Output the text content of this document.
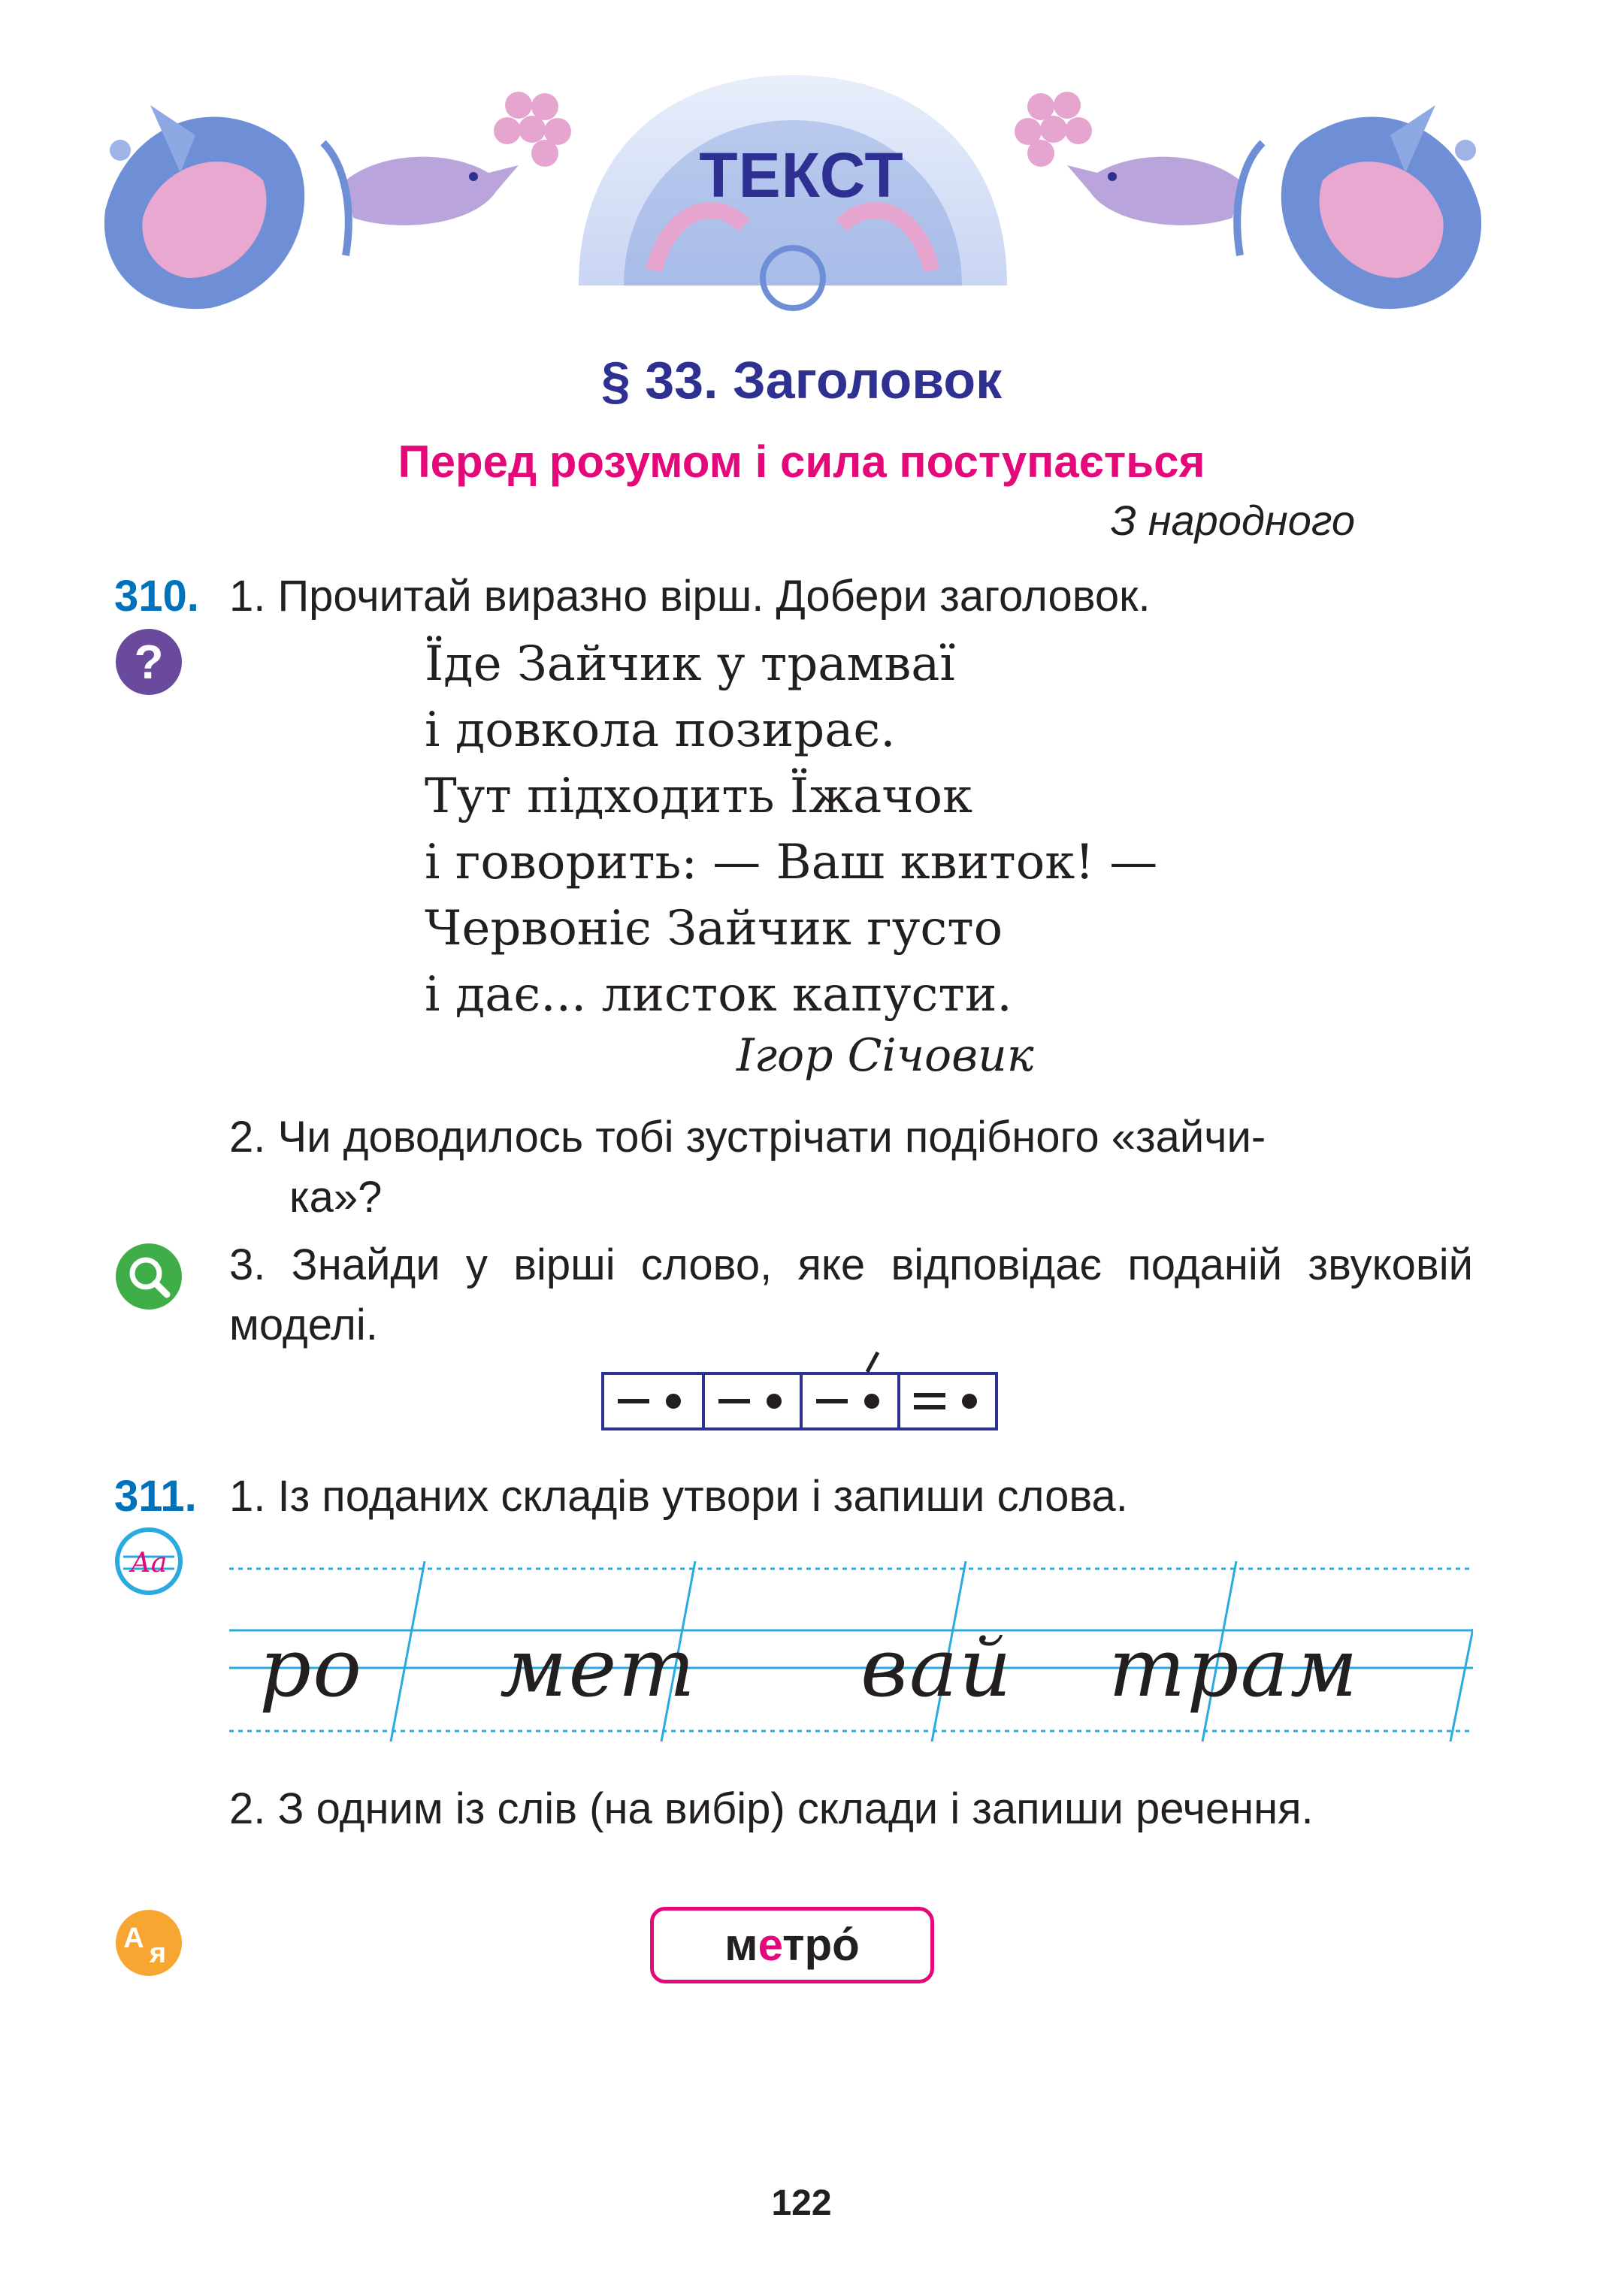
ТЕКСТ
§ 33. Заголовок
Перед розумом і сила поступається
З народного
310. 1. Прочитай виразно вірш. Добери заголовок.
?	Їде Зайчик у трамваї
і довкола позирає.
Тут підходить Їжачок
і говорить: — Ваш квиток! —
Червоніє Зайчик густо
і дає... листок капусти.
Ігор Січовик
2. Чи доводилось тобі зустрічати подібного «зайчи-
ка»?
3. Знайди у вірші слово, яке відповідає поданій звуковій моделі.
311. 1. Із поданих складів утвори і запиши слова.
Аа
ро мет вай трам
2. З одним із слів (на вибір) склади і запиши речення.
А я	метро́
122
